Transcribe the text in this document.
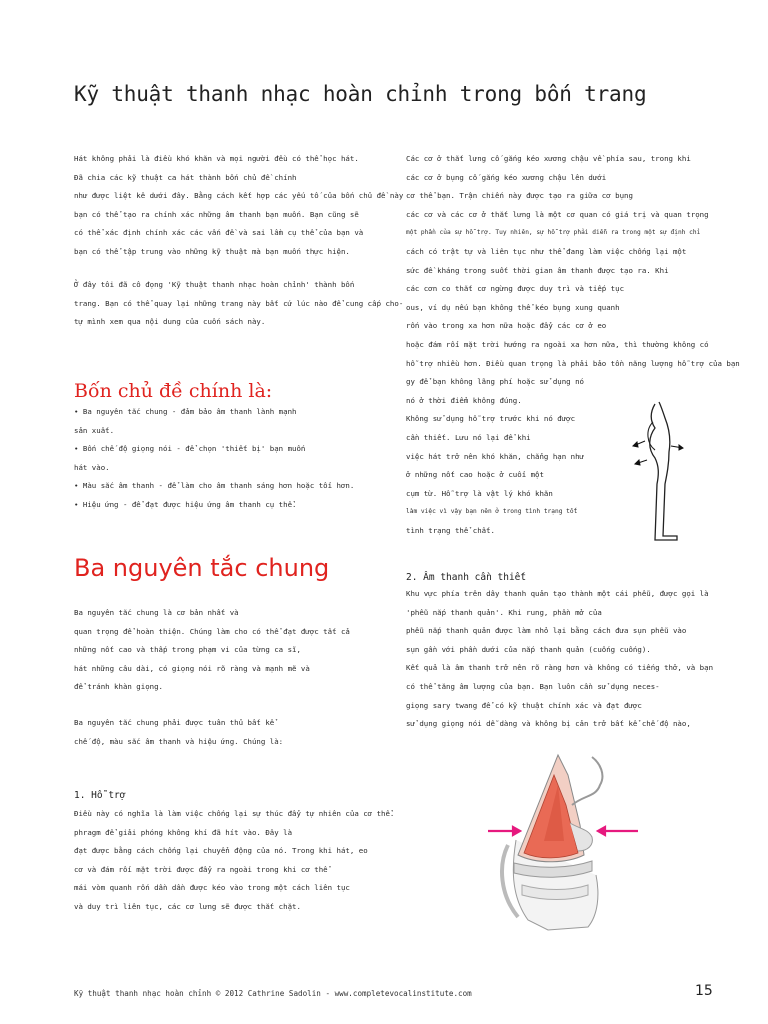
Kỹ thuật thanh nhạc hoàn chỉnh trong bốn trang

Hát không phải là điều khó khăn và mọi người đều có thể học hát.

Đã chia các kỹ thuật ca hát thành bốn chủ đề chính

như được liệt kê dưới đây. Bằng cách kết hợp các yếu tố của bốn chủ đề này

bạn có thể tạo ra chính xác những âm thanh bạn muốn. Bạn cũng sẽ

có thể xác định chính xác các vấn đề và sai lầm cụ thể của bạn và

bạn có thể tập trung vào những kỹ thuật mà bạn muốn thực hiện.

Ở đây tôi đã cô đọng 'Kỹ thuật thanh nhạc hoàn chỉnh' thành bốn

trang. Bạn có thể quay lại những trang này bất cứ lúc nào để cung cấp cho-

tự mình xem qua nội dung của cuốn sách này.

Bốn chủ đề chính là:

• Ba nguyên tắc chung - đảm bảo âm thanh lành mạnh

sản xuất.

• Bốn chế độ giọng nói - để chọn 'thiết bị' bạn muốn

hát vào.

• Màu sắc âm thanh - để làm cho âm thanh sáng hơn hoặc tối hơn.

• Hiệu ứng - để đạt được hiệu ứng âm thanh cụ thể.

Ba nguyên tắc chung

Ba nguyên tắc chung là cơ bản nhất và

quan trọng để hoàn thiện. Chúng làm cho có thể đạt được tất cả

những nốt cao và thấp trong phạm vi của từng ca sĩ,

hát những câu dài, có giọng nói rõ ràng và mạnh mẽ và

để tránh khàn giọng.

Ba nguyên tắc chung phải được tuân thủ bất kể

chế độ, màu sắc âm thanh và hiệu ứng. Chúng là:

1. Hỗ trợ

Điều này có nghĩa là làm việc chống lại sự thúc đẩy tự nhiên của cơ thể.

phragm để giải phóng không khí đã hít vào. Đây là

đạt được bằng cách chống lại chuyển động của nó. Trong khi hát, eo

cơ và đám rối mặt trời được đẩy ra ngoài trong khi cơ thể

mái vòm quanh rốn dần dần được kéo vào trong một cách liên tục

và duy trì liên tục, các cơ lưng sẽ được thắt chặt.

Các cơ ở thắt lưng cố gắng kéo xương chậu về phía sau, trong khi

các cơ ở bụng cố gắng kéo xương chậu lên dưới

cơ thể bạn. Trận chiến này được tạo ra giữa cơ bụng

các cơ và các cơ ở thắt lưng là một cơ quan có giá trị và quan trọng

một phần của sự hỗ trợ. Tuy nhiên, sự hỗ trợ phải diễn ra trong một sự định chỉ

cách có trật tự và liên tục như thể đang làm việc chống lại một

sức đề kháng trong suốt thời gian âm thanh được tạo ra. Khi

các cơn co thắt cơ ngừng được duy trì và tiếp tục

ous, ví dụ nếu bạn không thể kéo bụng xung quanh

rốn vào trong xa hơn nữa hoặc đẩy các cơ ở eo

hoặc đám rối mặt trời hướng ra ngoài xa hơn nữa, thì thường không có

hỗ trợ nhiều hơn. Điều quan trọng là phải bảo tồn năng lượng hỗ trợ của bạn

gy để bạn không lãng phí hoặc sử dụng nó

nó ở thời điểm không đúng.

Không sử dụng hỗ trợ trước khi nó được

cần thiết. Lưu nó lại để khi

việc hát trở nên khó khăn, chẳng hạn như

ở những nốt cao hoặc ở cuối một

cụm từ. Hỗ trợ là vật lý khó khăn

làm việc vì vậy bạn nên ở trong tình trạng tốt

tình trạng thể chất.

2. Âm thanh cần thiết

Khu vực phía trên dây thanh quản tạo thành một cái phễu, được gọi là

'phễu nắp thanh quản'. Khi rung, phần mở của

phễu nắp thanh quản được làm nhỏ lại bằng cách đưa sụn phễu vào

sụn gần với phần dưới của nắp thanh quản (cuống cuống).

Kết quả là âm thanh trở nên rõ ràng hơn và không có tiếng thở, và bạn

có thể tăng âm lượng của bạn. Bạn luôn cần sử dụng neces-

giọng sary twang để có kỹ thuật chính xác và đạt được

sử dụng giọng nói dễ dàng và không bị cản trở bất kể chế độ nào,

Kỹ thuật thanh nhạc hoàn chỉnh © 2012 Cathrine Sadolin - www.completevocalinstitute.com	15
